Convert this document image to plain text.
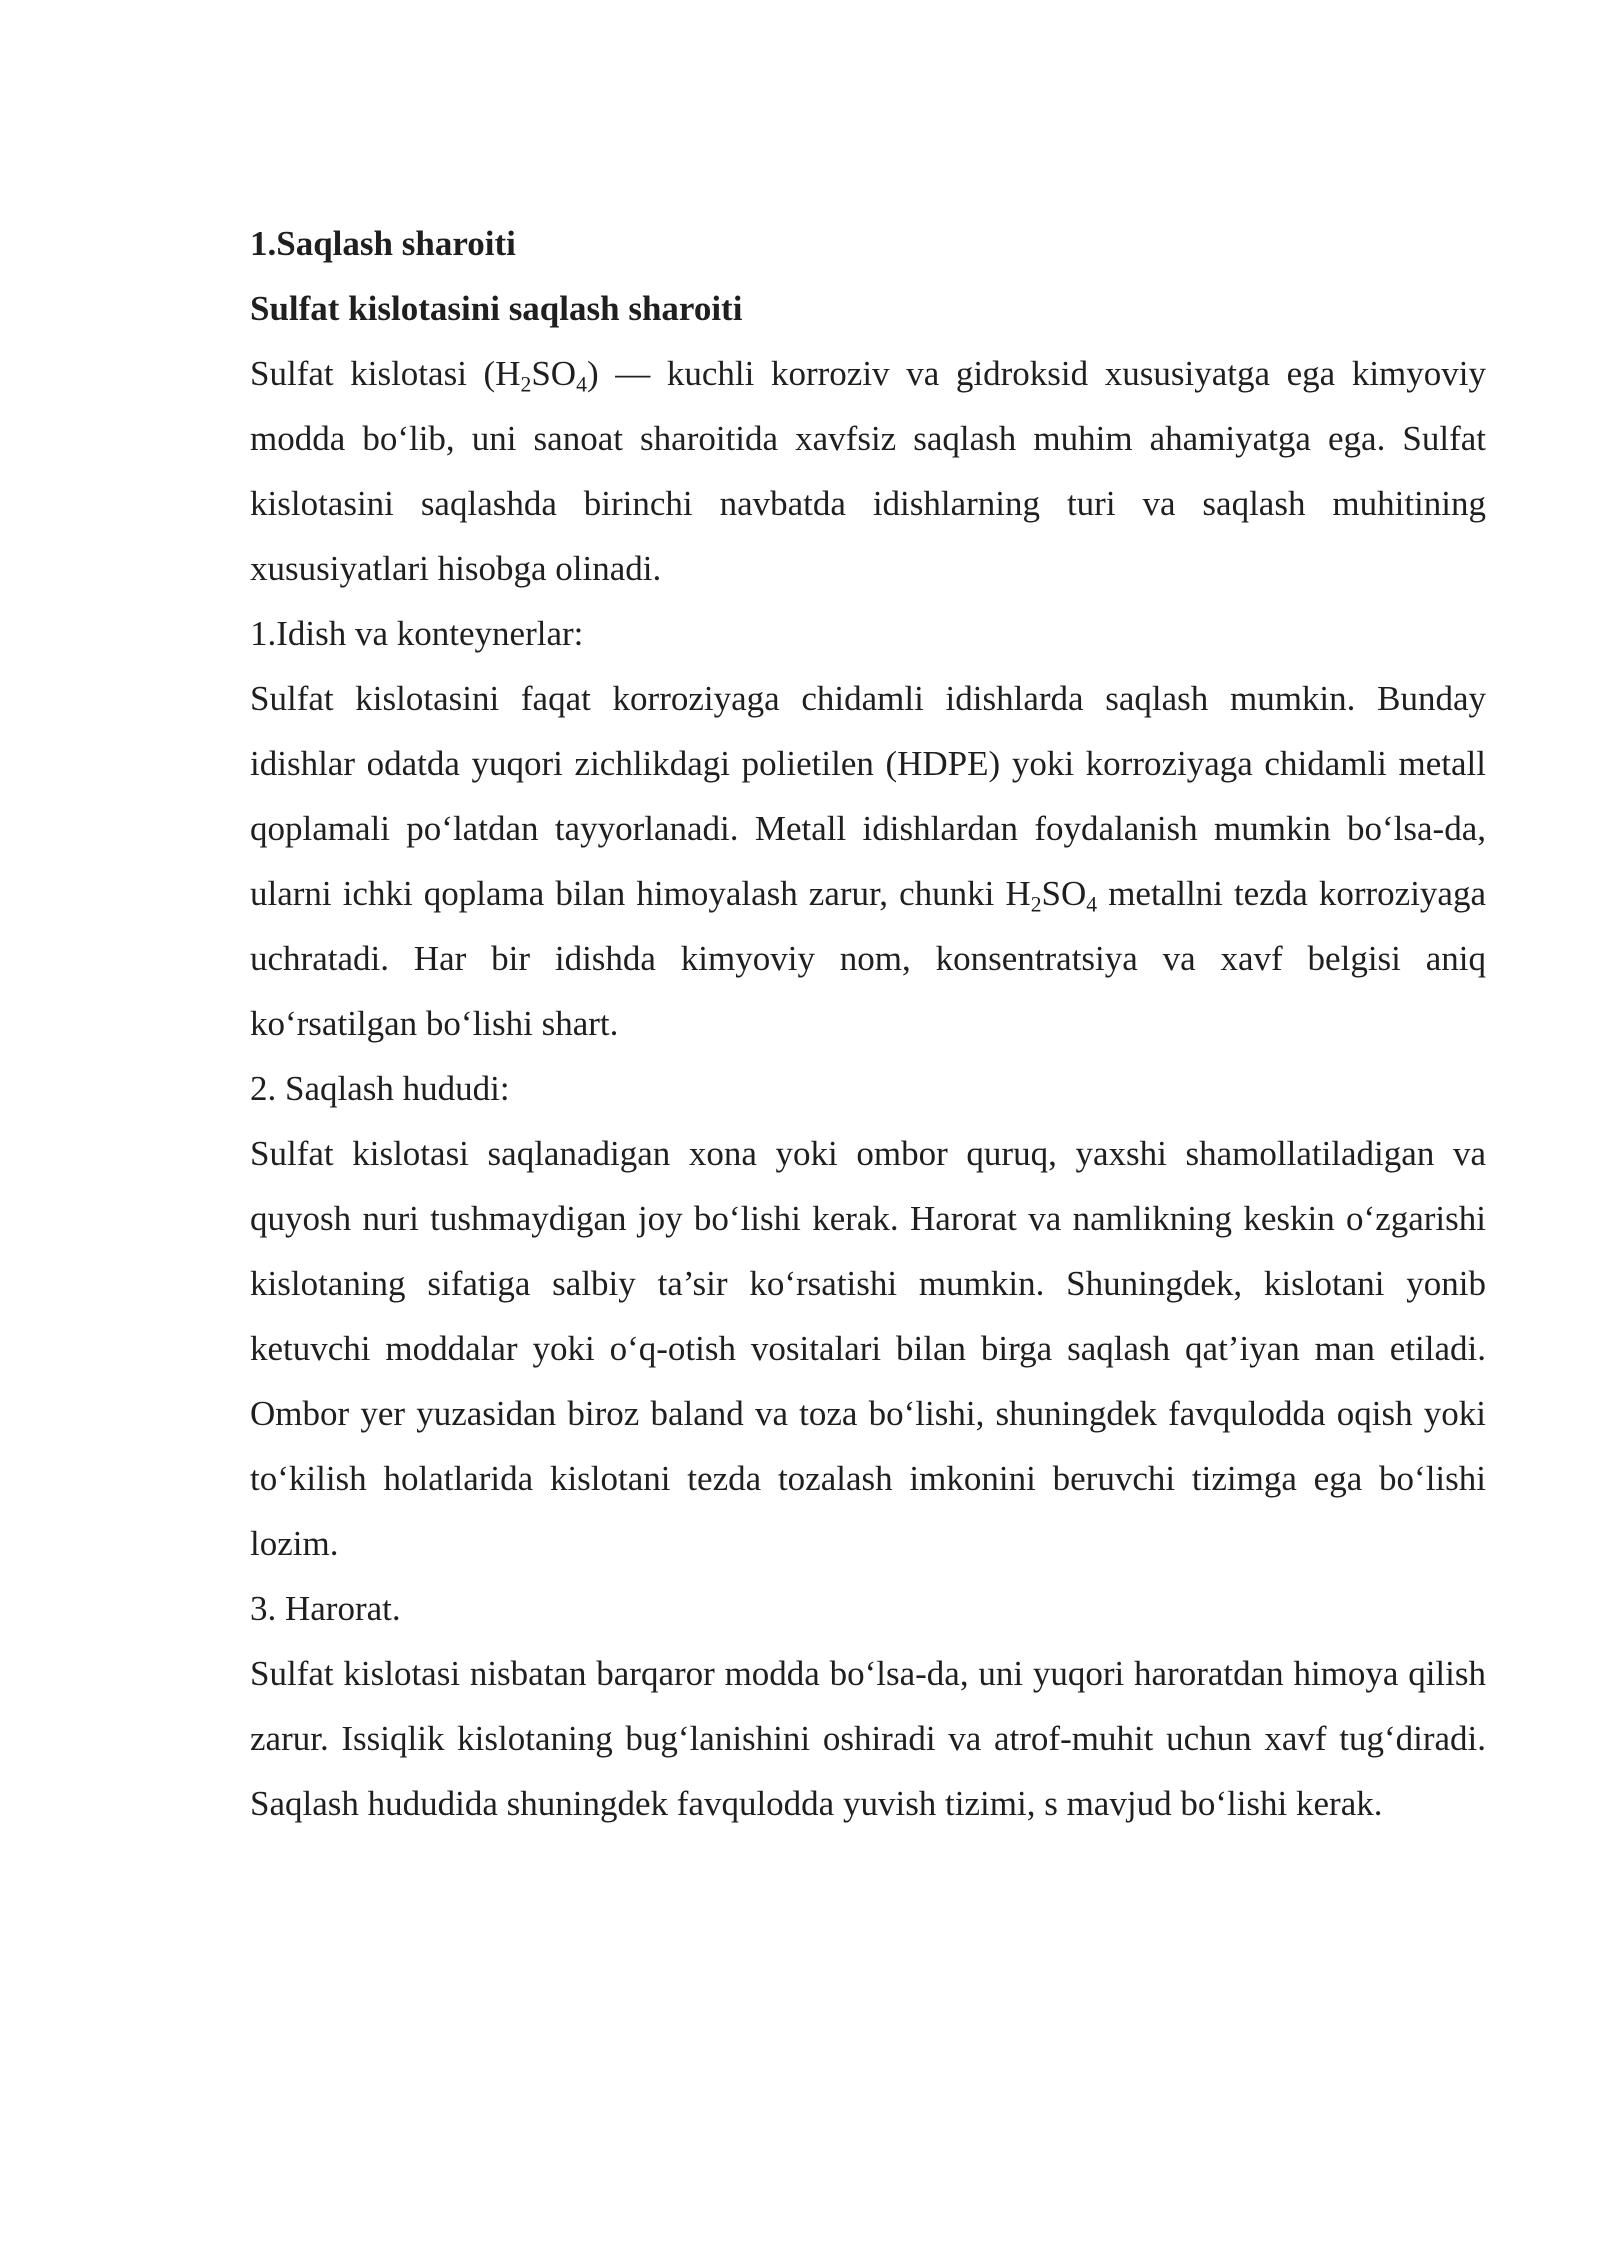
1.Saqlash sharoiti
Sulfat kislotasini saqlash sharoiti

Sulfat kislotasi $(H_2SO_4)$ — kuchli korroziv va gidroksid xususiyatga ega kimyoviy modda bo‘lib, uni sanoat sharoitida xavfsiz saqlash muhim ahamiyatga ega. Sulfat kislotasini saqlashda birinchi navbatda idishlarning turi va saqlash muhitining xususiyatlari hisobga olinadi.

1.Idish va konteynerlar:

Sulfat kislotasini faqat korroziyaga chidamli idishlarda saqlash mumkin. Bunday idishlar odatda yuqori zichlikdagi polietilen (HDPE) yoki korroziyaga chidamli metall qoplamali po‘latdan tayyorlanadi. Metall idishlardan foydalanish mumkin bo‘lsa-da, ularni ichki qoplama bilan himoyalash zarur, chunki $H_2SO_4$ metallni tezda korroziyaga uchratadi. Har bir idishda kimyoviy nom, konsentratsiya va xavf belgisi aniq ko‘rsatilgan bo‘lishi shart.

2. Saqlash hududi:

Sulfat kislotasi saqlanadigan xona yoki ombor quruq, yaxshi shamollatiladigan va quyosh nuri tushmaydigan joy bo‘lishi kerak. Harorat va namlikning keskin o‘zgarishi kislotaning sifatiga salbiy ta’sir ko‘rsatishi mumkin. Shuningdek, kislotani yonib ketuvchi moddalar yoki o‘q-otish vositalari bilan birga saqlash qat’iyan man etiladi. Ombor yer yuzasidan biroz baland va toza bo‘lishi, shuningdek favqulodda oqish yoki to‘kilish holatlarida kislotani tezda tozalash imkonini beruvchi tizimga ega bo‘lishi lozim.

3. Harorat.

Sulfat kislotasi nisbatan barqaror modda bo‘lsa-da, uni yuqori haroratdan himoya qilish zarur. Issiqlik kislotaning bug‘lanishini oshiradi va atrof-muhit uchun xavf tug‘diradi. Saqlash hududida shuningdek favqulodda yuvish tizimi, s mavjud bo‘lishi kerak.
